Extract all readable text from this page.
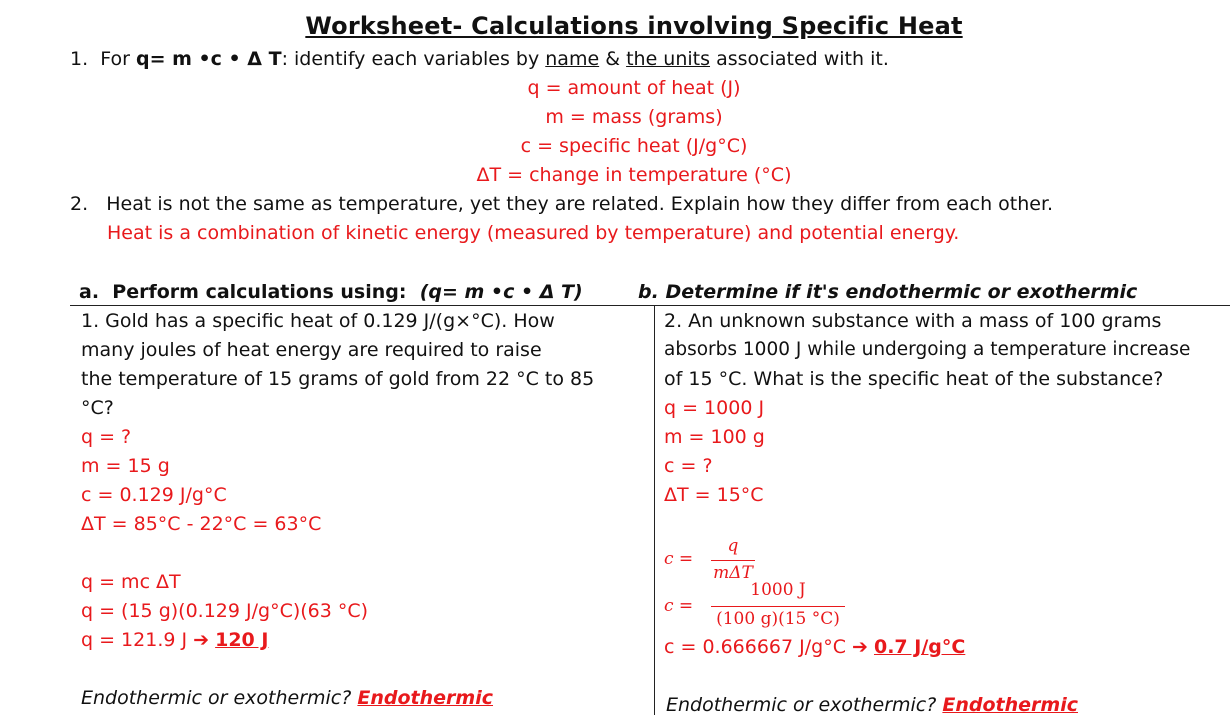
Worksheet- Calculations involving Specific Heat
1. For q= m •c • Δ T: identify each variables by name & the units associated with it.
q = amount of heat (J)
m = mass (grams)
c = specific heat (J/g°C)
ΔT = change in temperature (°C)
2. Heat is not the same as temperature, yet they are related. Explain how they differ from each other.
Heat is a combination of kinetic energy (measured by temperature) and potential energy.
a. Perform calculations using: (q= m •c • Δ T)	b. Determine if it's endothermic or exothermic
1. Gold has a specific heat of 0.129 J/(g×°C). How
many joules of heat energy are required to raise
the temperature of 15 grams of gold from 22 °C to 85
°C?
q = ?
m = 15 g
c = 0.129 J/g°C
ΔT = 85°C - 22°C = 63°C
q = mc ΔT
q = (15 g)(0.129 J/g°C)(63 °C)
q = 121.9 J ➔ 120 J
Endothermic or exothermic? Endothermic
2. An unknown substance with a mass of 100 grams
absorbs 1000 J while undergoing a temperature increase
of 15 °C. What is the specific heat of the substance?
q = 1000 J
m = 100 g
c = ?
ΔT = 15°C
c =
q
mΔT
c =
1000 J
(100 g)(15 °C)
c = 0.666667 J/g°C ➔ 0.7 J/g°C
Endothermic or exothermic? Endothermic
